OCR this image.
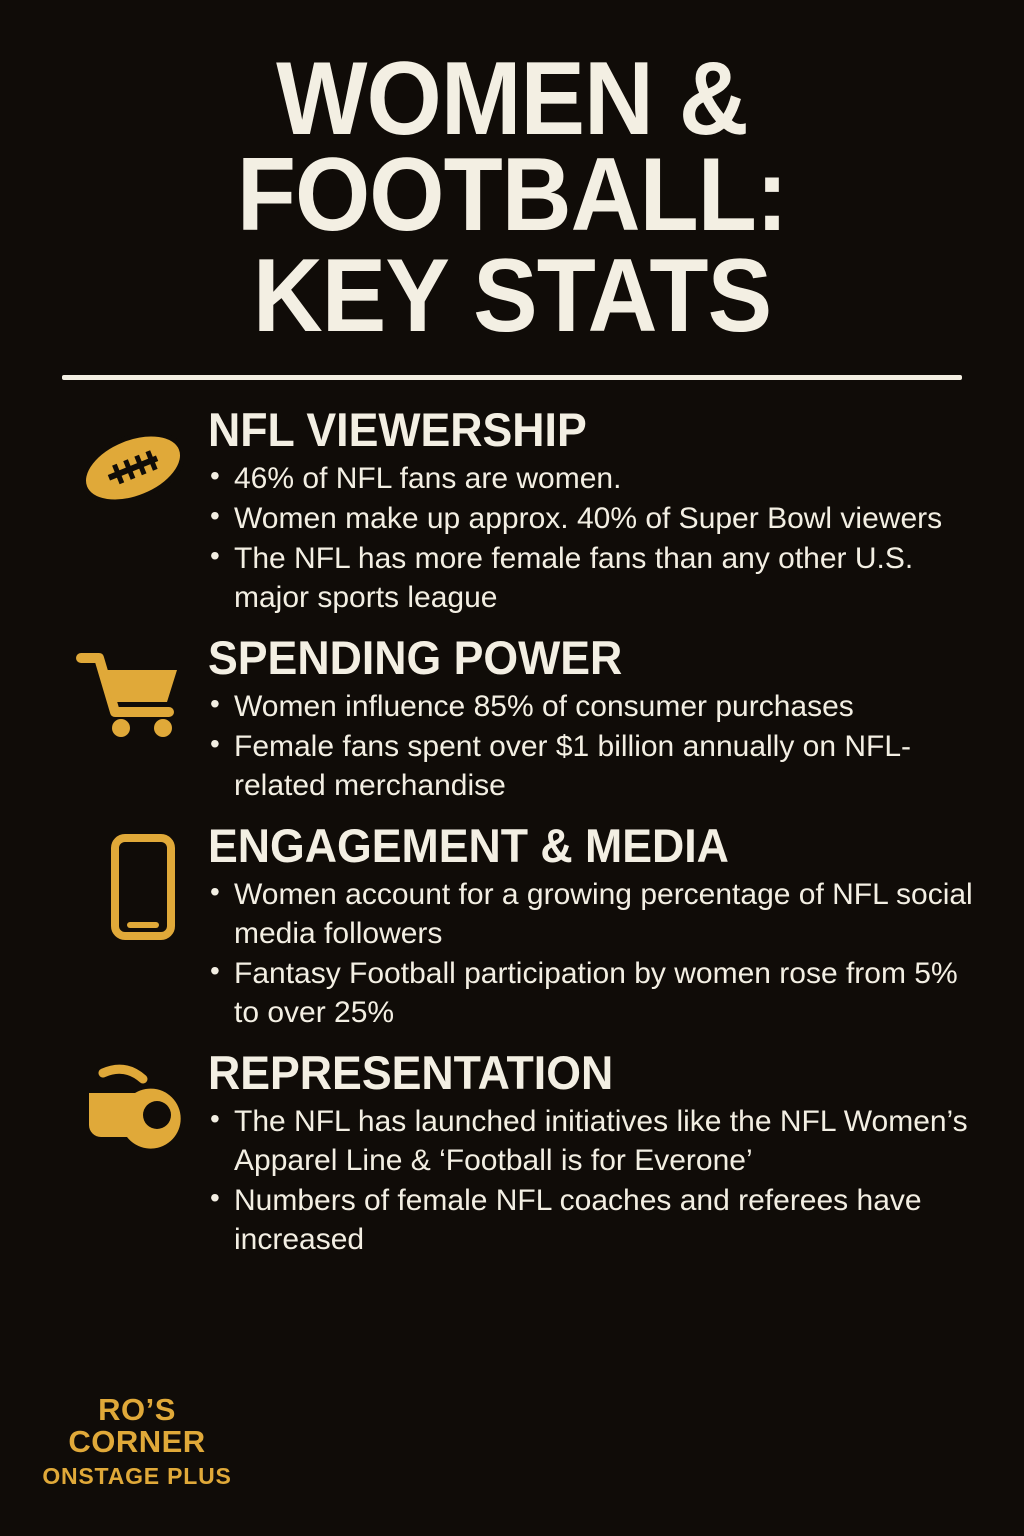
WOMEN & FOOTBALL:
KEY STATS
NFL VIEWERSHIP
• 46% of NFL fans are women.
• Women make up approx. 40% of Super Bowl viewers
• The NFL has more female fans than any other U.S. major sports league
SPENDING POWER
• Women influence 85% of consumer purchases
• Female fans spent over $1 billion annually on NFL-related merchandise
ENGAGEMENT & MEDIA
• Women account for a growing percentage of NFL social media followers
• Fantasy Football participation by women rose from 5% to over 25%
REPRESENTATION
• The NFL has launched initiatives like the NFL Women’s Apparel Line & ‘Football is for Everone’
• Numbers of female NFL coaches and referees have increased
RO’S CORNER
ONSTAGE PLUS
